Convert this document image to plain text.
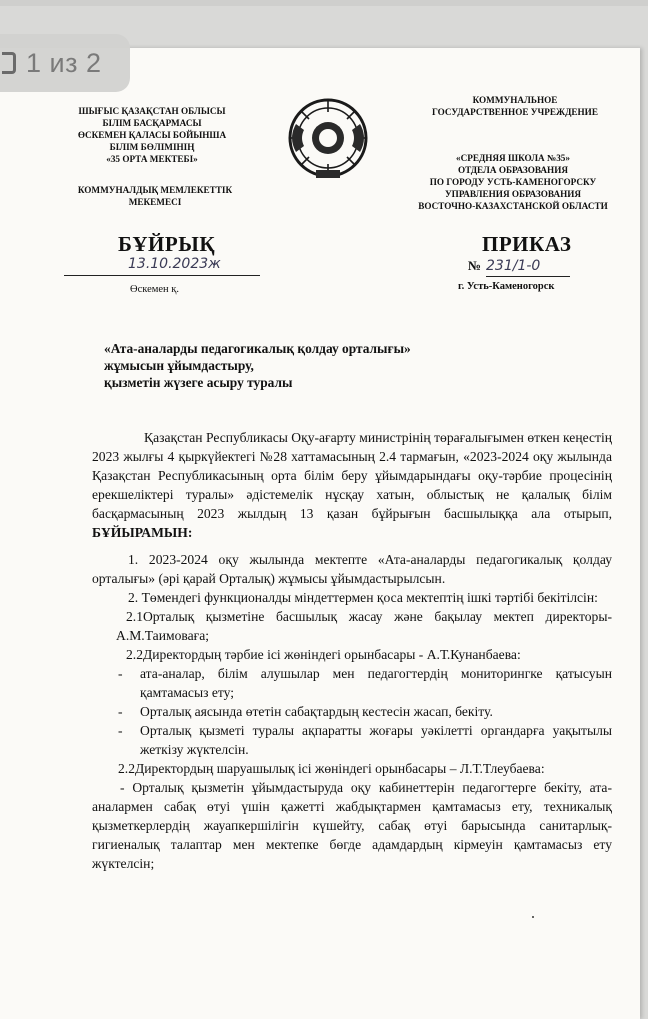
ШЫҒЫС ҚАЗАҚСТАН ОБЛЫСЫ
БІЛІМ БАСҚАРМАСЫ
ӨСКЕМЕН ҚАЛАСЫ БОЙЫНША
БІЛІМ БӨЛІМІНІҢ
«35 ОРТА МЕКТЕБІ»
КОММУНАЛДЫҚ МЕМЛЕКЕТТІК
МЕКЕМЕСІ
КОММУНАЛЬНОЕ
ГОСУДАРСТВЕННОЕ УЧРЕЖДЕНИЕ
«СРЕДНЯЯ ШКОЛА №35»
ОТДЕЛА ОБРАЗОВАНИЯ
ПО ГОРОДУ УСТЬ-КАМЕНОГОРСКУ
УПРАВЛЕНИЯ ОБРАЗОВАНИЯ
ВОСТОЧНО-КАЗАХСТАНСКОЙ ОБЛАСТИ
БҰЙРЫҚ	ПРИКАЗ
13.10.2023ж	№ 231/1-0
Өскемен қ.	г. Усть-Каменогорск
«Ата-аналарды педагогикалық қолдау орталығы»
жұмысын ұйымдастыру,
қызметін жүзеге асыру туралы

Қазақстан Республикасы Оқу-ағарту министрінің төрағалығымен өткен кеңестің 2023 жылғы 4 қыркүйектегі №28 хаттамасының 2.4 тармағын, «2023-2024 оқу жылында Қазақстан Республикасының орта білім беру ұйымдарындағы оқу-тәрбие процесінің ерекшеліктері туралы» әдістемелік нұсқау хатын, облыстық не қалалық білім басқармасының 2023 жылдың 13 қазан бұйрығын басшылыққа ала отырып, БҰЙЫРАМЫН:

1. 2023-2024 оқу жылында мектепте «Ата-аналарды педагогикалық қолдау орталығы» (әрі қарай Орталық) жұмысы ұйымдастырылсын.

2. Төмендегі функционалды міндеттермен қоса мектептің ішкі тәртібі бекітілсін:

2.1Орталық қызметіне басшылық жасау және бақылау мектеп директоры-А.М.Таимоваға;

2.2Директордың тәрбие ісі жөніндегі орынбасары - А.Т.Кунанбаева:

-	ата-аналар, білім алушылар мен педагогтердің мониторингке қатысуын қамтамасыз ету;
-	Орталық аясында өтетін сабақтардың кестесін жасап, бекіту.
-	Орталық қызметі туралы ақпаратты жоғары уәкілетті органдарға уақытылы жеткізу жүктелсін.

2.2Директордың шаруашылық ісі жөніндегі орынбасары – Л.Т.Тлеубаева:

- Орталық қызметін ұйымдастыруда оқу кабинеттерін педагогтерге бекіту, ата-аналармен сабақ өтуі үшін қажетті жабдықтармен қамтамасыз ету, техникалық қызметкерлердің жауапкершілігін күшейту, сабақ өтуі барысында санитарлық-гигиеналық талаптар мен мектепке бөгде адамдардың кірмеуін қамтамасыз ету жүктелсін;

1 из 2
